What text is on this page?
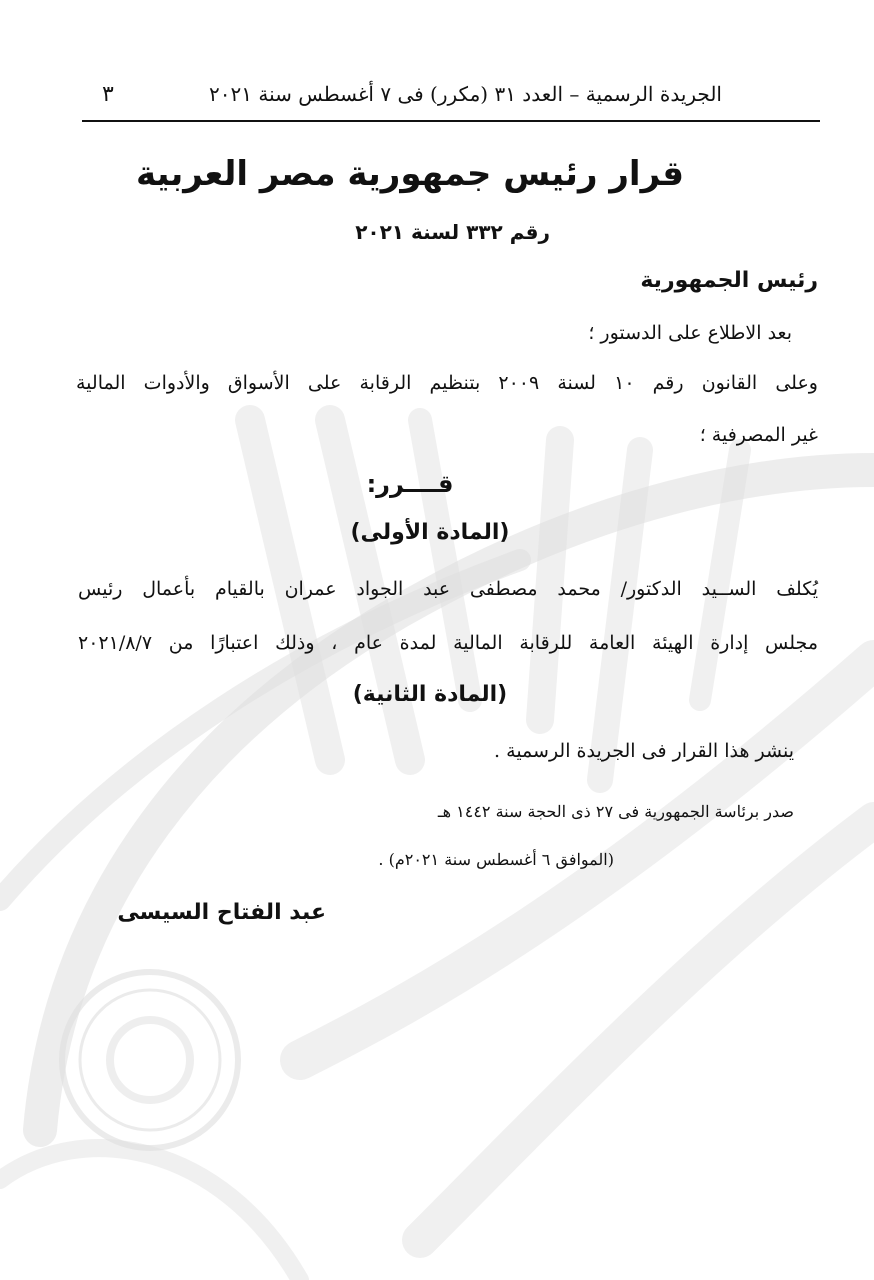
الجريدة الرسمية – العدد ٣١ (مكرر) فى ٧ أغسطس سنة ٢٠٢١
٣
قرار رئيس جمهورية مصر العربية
رقم ٣٣٢ لسنة ٢٠٢١
رئيس الجمهورية

بعد الاطلاع على الدستور ؛

وعلى القانون رقم ١٠ لسنة ٢٠٠٩ بتنظيم الرقابة على الأسواق والأدوات المالية

غير المصرفية ؛

قــــرر:
(المادة الأولى)

يُكلف الســيد الدكتور/ محمد مصطفى عبد الجواد عمران بالقيام بأعمال رئيس

مجلس إدارة الهيئة العامة للرقابة المالية لمدة عام ، وذلك اعتبارًا من ٢٠٢١/٨/٧

(المادة الثانية)

ينشر هذا القرار فى الجريدة الرسمية .

صدر برئاسة الجمهورية فى ٢٧ ذى الحجة سنة ١٤٤٢ هـ

(الموافق ٦ أغسطس سنة ٢٠٢١م) .

عبد الفتاح السيسى
